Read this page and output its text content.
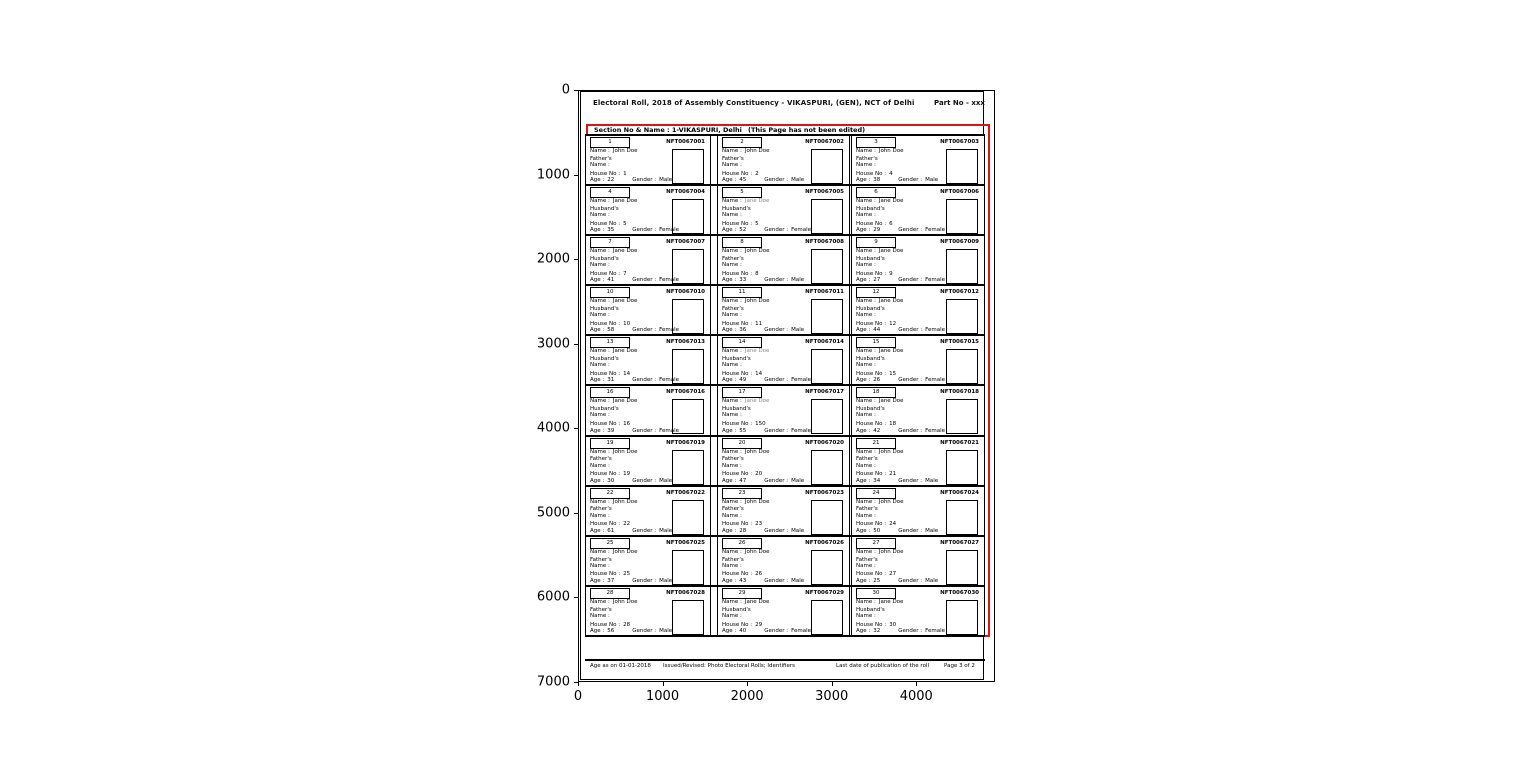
Electoral Roll, 2018 of Assembly Constituency - VIKASPURI, (GEN), NCT of Delhi	Part No - xxx
Section No & Name : 1-VIKASPURI, Delhi (This Page has not been edited)
1	NFT0067001
Name : John Doe
Father's
Name :
House No : 1
Age : 22	Gender : Male
2	NFT0067002
Name : John Doe
Father's
Name :
House No : 2
Age : 45	Gender : Male
3	NFT0067003
Name : John Doe
Father's
Name :
House No : 4
Age : 38	Gender : Male
4	NFT0067004
Name : Jane Doe
Husband's
Name :
House No : 5
Age : 35	Gender : Female
5	NFT0067005
Name : Jane Doe
Husband's
Name :
House No : 5
Age : 52	Gender : Female
6	NFT0067006
Name : Jane Doe
Husband's
Name :
House No : 6
Age : 29	Gender : Female
7	NFT0067007
Name : Jane Doe
Husband's
Name :
House No : 7
Age : 41	Gender : Female
8	NFT0067008
Name : John Doe
Father's
Name :
House No : 8
Age : 33	Gender : Male
9	NFT0067009
Name : Jane Doe
Husband's
Name :
House No : 9
Age : 27	Gender : Female
10	NFT0067010
Name : Jane Doe
Husband's
Name :
House No : 10
Age : 58	Gender : Female
11	NFT0067011
Name : John Doe
Father's
Name :
House No : 11
Age : 36	Gender : Male
12	NFT0067012
Name : Jane Doe
Husband's
Name :
House No : 12
Age : 44	Gender : Female
13	NFT0067013
Name : Jane Doe
Husband's
Name :
House No : 14
Age : 31	Gender : Female
14	NFT0067014
Name : Jane Doe
Husband's
Name :
House No : 14
Age : 49	Gender : Female
15	NFT0067015
Name : Jane Doe
Husband's
Name :
House No : 15
Age : 26	Gender : Female
16	NFT0067016
Name : Jane Doe
Husband's
Name :
House No : 16
Age : 39	Gender : Female
17	NFT0067017
Name : Jane Doe
Husband's
Name :
House No : 150
Age : 55	Gender : Female
18	NFT0067018
Name : Jane Doe
Husband's
Name :
House No : 18
Age : 42	Gender : Female
19	NFT0067019
Name : John Doe
Father's
Name :
House No : 19
Age : 30	Gender : Male
20	NFT0067020
Name : John Doe
Father's
Name :
House No : 20
Age : 47	Gender : Male
21	NFT0067021
Name : John Doe
Father's
Name :
House No : 21
Age : 34	Gender : Male
22	NFT0067022
Name : John Doe
Father's
Name :
House No : 22
Age : 61	Gender : Male
23	NFT0067023
Name : John Doe
Father's
Name :
House No : 23
Age : 28	Gender : Male
24	NFT0067024
Name : John Doe
Father's
Name :
House No : 24
Age : 50	Gender : Male
25	NFT0067025
Name : John Doe
Father's
Name :
House No : 25
Age : 37	Gender : Male
26	NFT0067026
Name : John Doe
Father's
Name :
House No : 26
Age : 43	Gender : Male
27	NFT0067027
Name : John Doe
Father's
Name :
House No : 27
Age : 25	Gender : Male
28	NFT0067028
Name : John Doe
Father's
Name :
House No : 28
Age : 56	Gender : Male
29	NFT0067029
Name : Jane Doe
Husband's
Name :
House No : 29
Age : 40	Gender : Female
30	NFT0067030
Name : Jane Doe
Husband's
Name :
House No : 30
Age : 32	Gender : Female
Age as on 01-01-2018 Issued/Revised: Photo Electoral Rolls; Identifiers	Last date of publication of the roll	Page 3 of 2
0
1000
2000
3000
4000
5000
6000
7000
0	1000	2000	3000	4000
